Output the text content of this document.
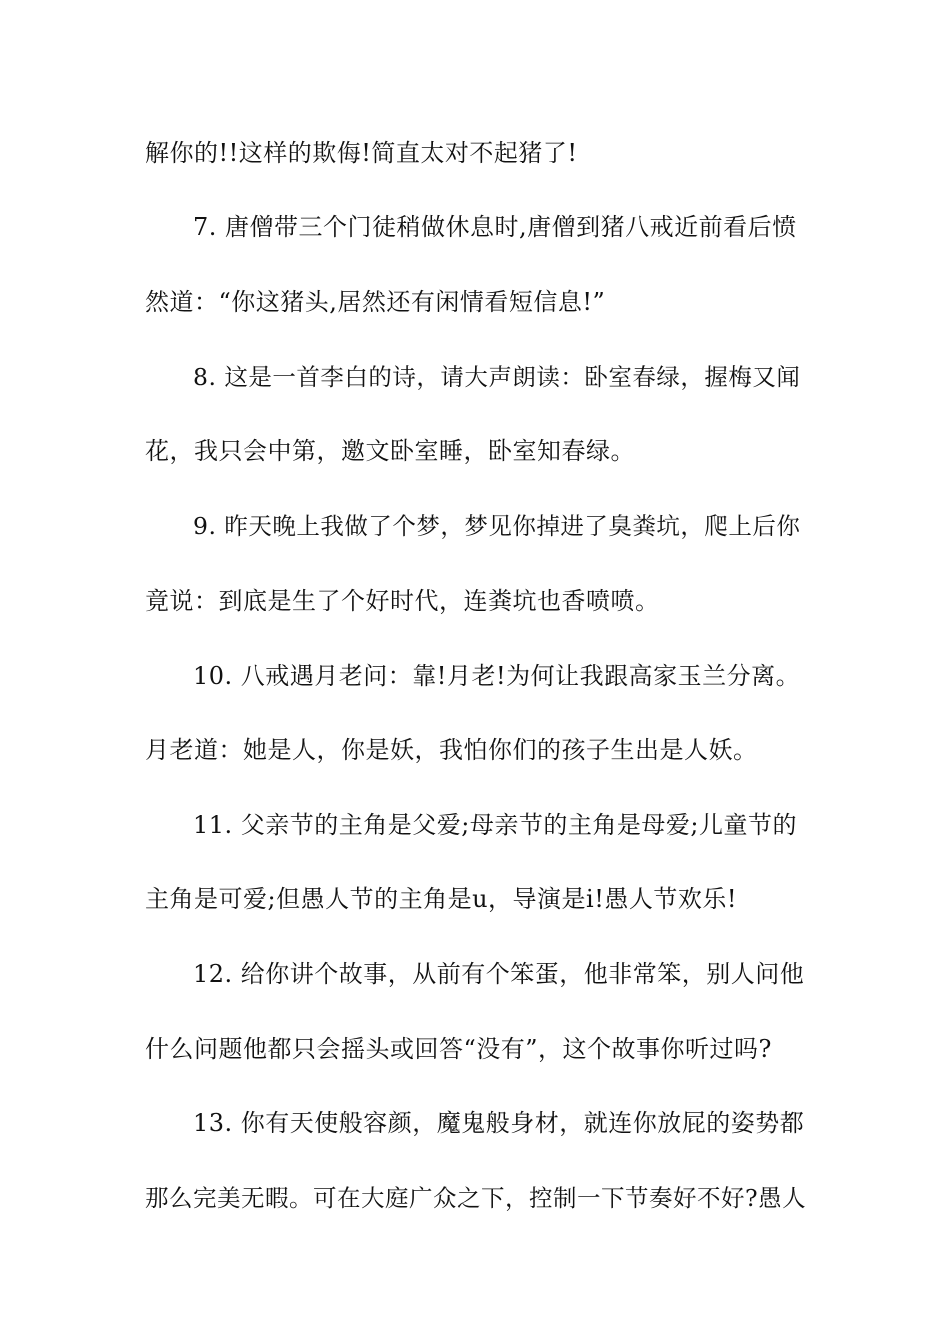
解你的!!这样的欺侮!简直太对不起猪了!
7. 唐僧带三个门徒稍做休息时,唐僧到猪八戒近前看后愤
然道：“你这猪头,居然还有闲情看短信息!”
8. 这是一首李白的诗，请大声朗读：卧室春绿，握梅又闻
花，我只会中第，邀文卧室睡，卧室知春绿。
9. 昨天晚上我做了个梦，梦见你掉进了臭粪坑，爬上后你
竟说：到底是生了个好时代，连粪坑也香喷喷。
10. 八戒遇月老问：靠!月老!为何让我跟高家玉兰分离。
月老道：她是人，你是妖，我怕你们的孩子生出是人妖。
11. 父亲节的主角是父爱;母亲节的主角是母爱;儿童节的
主角是可爱;但愚人节的主角是u，导演是i!愚人节欢乐!
12. 给你讲个故事，从前有个笨蛋，他非常笨，别人问他
什么问题他都只会摇头或回答“没有”，这个故事你听过吗?
13. 你有天使般容颜，魔鬼般身材，就连你放屁的姿势都
那么完美无暇。可在大庭广众之下，控制一下节奏好不好?愚人
